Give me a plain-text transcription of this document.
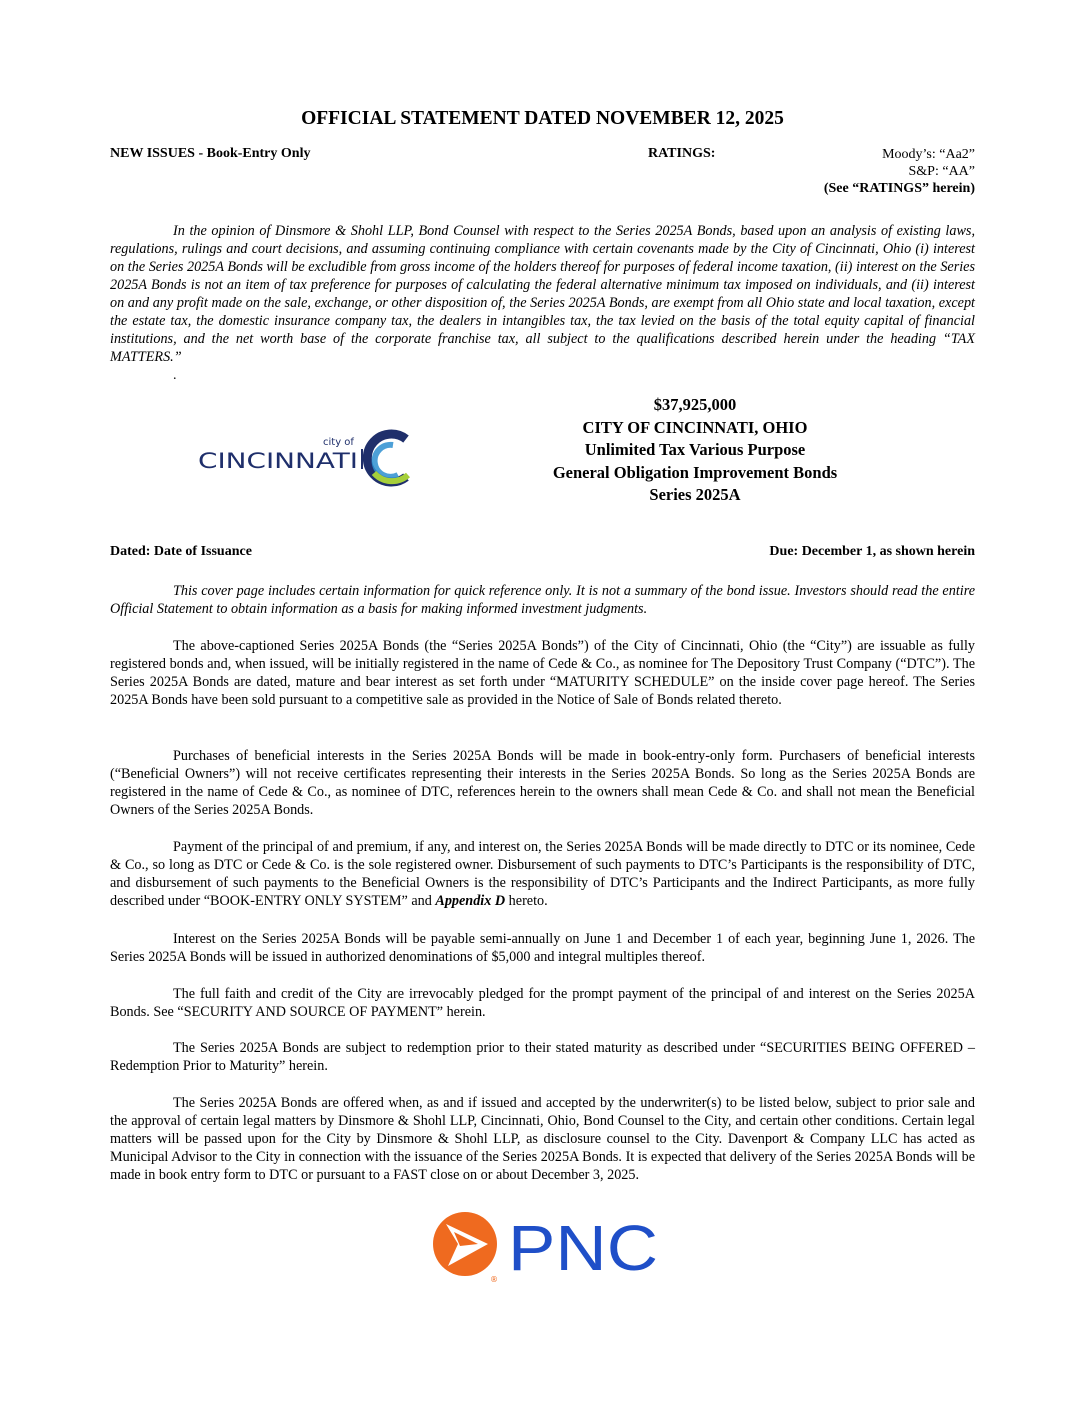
OFFICIAL STATEMENT DATED NOVEMBER 12, 2025
NEW ISSUES - Book-Entry Only	RATINGS:	Moody’s: “Aa2”
S&P: “AA”
(See “RATINGS” herein)

In the opinion of Dinsmore & Shohl LLP, Bond Counsel with respect to the Series 2025A Bonds, based upon an analysis of existing laws, regulations, rulings and court decisions, and assuming continuing compliance with certain covenants made by the City of Cincinnati, Ohio (i) interest on the Series 2025A Bonds will be excludible from gross income of the holders thereof for purposes of federal income taxation, (ii) interest on the Series 2025A Bonds is not an item of tax preference for purposes of calculating the federal alternative minimum tax imposed on individuals, and (ii) interest on and any profit made on the sale, exchange, or other disposition of, the Series 2025A Bonds, are exempt from all Ohio state and local taxation, except the estate tax, the domestic insurance company tax, the dealers in intangibles tax, the tax levied on the basis of the total equity capital of financial institutions, and the net worth base of the corporate franchise tax, all subject to the qualifications described herein under the heading “TAX MATTERS.”

.
city of
CINCINNATI
$37,925,000
CITY OF CINCINNATI, OHIO
Unlimited Tax Various Purpose
General Obligation Improvement Bonds
Series 2025A
Dated: Date of Issuance	Due: December 1, as shown herein

This cover page includes certain information for quick reference only. It is not a summary of the bond issue. Investors should read the entire Official Statement to obtain information as a basis for making informed investment judgments.

The above-captioned Series 2025A Bonds (the “Series 2025A Bonds”) of the City of Cincinnati, Ohio (the “City”) are issuable as fully registered bonds and, when issued, will be initially registered in the name of Cede & Co., as nominee for The Depository Trust Company (“DTC”). The Series 2025A Bonds are dated, mature and bear interest as set forth under “MATURITY SCHEDULE” on the inside cover page hereof. The Series 2025A Bonds have been sold pursuant to a competitive sale as provided in the Notice of Sale of Bonds related thereto.

Purchases of beneficial interests in the Series 2025A Bonds will be made in book-entry-only form. Purchasers of beneficial interests (“Beneficial Owners”) will not receive certificates representing their interests in the Series 2025A Bonds. So long as the Series 2025A Bonds are registered in the name of Cede & Co., as nominee of DTC, references herein to the owners shall mean Cede & Co. and shall not mean the Beneficial Owners of the Series 2025A Bonds.

Payment of the principal of and premium, if any, and interest on, the Series 2025A Bonds will be made directly to DTC or its nominee, Cede & Co., so long as DTC or Cede & Co. is the sole registered owner. Disbursement of such payments to DTC’s Participants is the responsibility of DTC, and disbursement of such payments to the Beneficial Owners is the responsibility of DTC’s Participants and the Indirect Participants, as more fully described under “BOOK-ENTRY ONLY SYSTEM” and Appendix D hereto.

Interest on the Series 2025A Bonds will be payable semi-annually on June 1 and December 1 of each year, beginning June 1, 2026. The Series 2025A Bonds will be issued in authorized denominations of $5,000 and integral multiples thereof.

The full faith and credit of the City are irrevocably pledged for the prompt payment of the principal of and interest on the Series 2025A Bonds. See “SECURITY AND SOURCE OF PAYMENT” herein.

The Series 2025A Bonds are subject to redemption prior to their stated maturity as described under “SECURITIES BEING OFFERED – Redemption Prior to Maturity” herein.

The Series 2025A Bonds are offered when, as and if issued and accepted by the underwriter(s) to be listed below, subject to prior sale and the approval of certain legal matters by Dinsmore & Shohl LLP, Cincinnati, Ohio, Bond Counsel to the City, and certain other conditions. Certain legal matters will be passed upon for the City by Dinsmore & Shohl LLP, as disclosure counsel to the City. Davenport & Company LLC has acted as Municipal Advisor to the City in connection with the issuance of the Series 2025A Bonds. It is expected that delivery of the Series 2025A Bonds will be made in book entry form to DTC or pursuant to a FAST close on or about December 3, 2025.

® PNC
